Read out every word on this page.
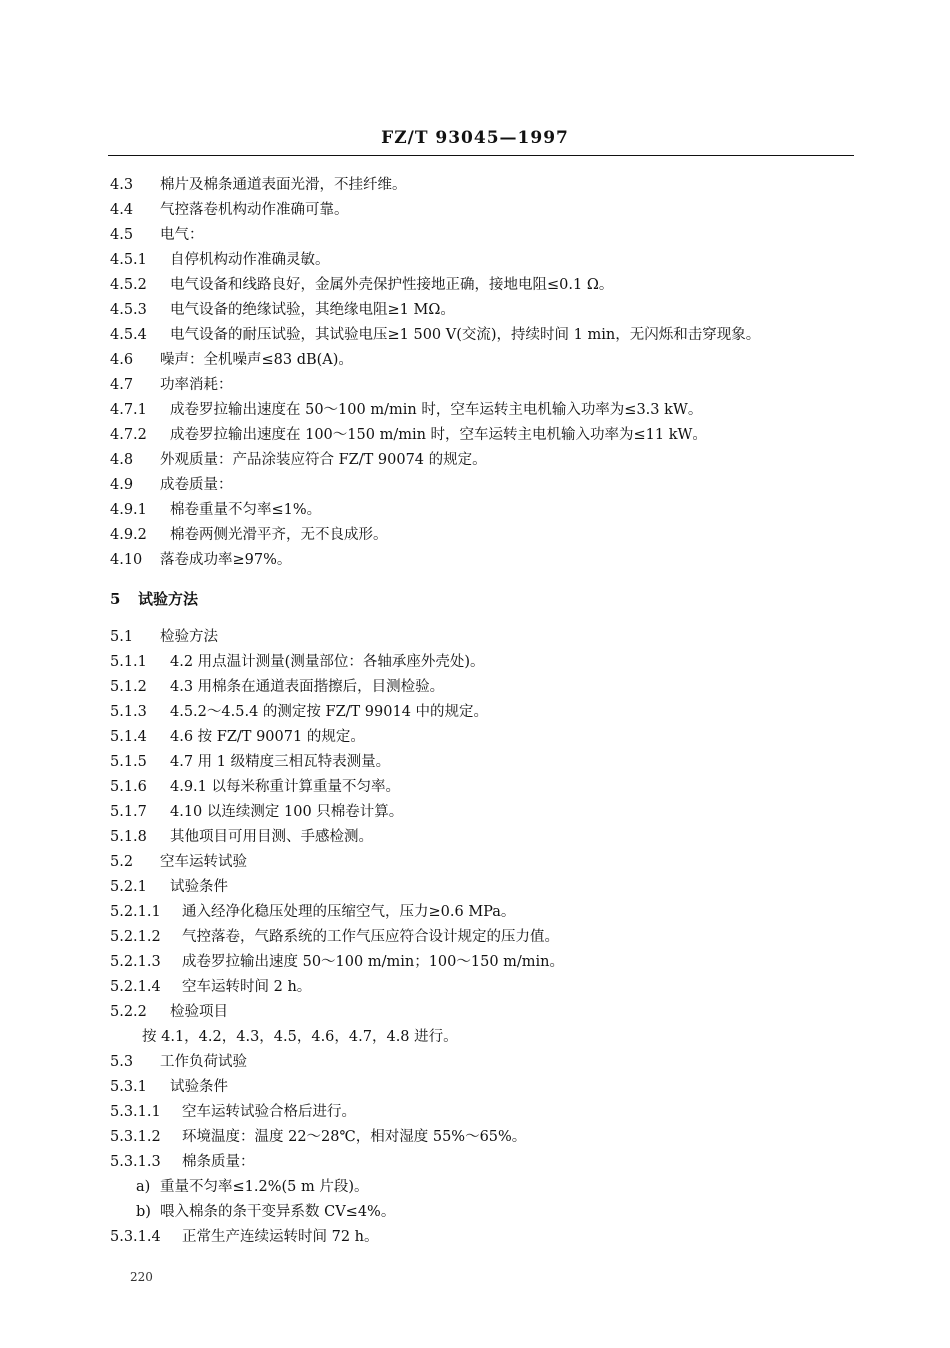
FZ/T 93045—1997
4.3 棉片及棉条通道表面光滑，不挂纤维。
4.4 气控落卷机构动作准确可靠。
4.5 电气：
4.5.1 自停机构动作准确灵敏。
4.5.2 电气设备和线路良好，金属外壳保护性接地正确，接地电阻≤0.1 Ω。
4.5.3 电气设备的绝缘试验，其绝缘电阻≥1 MΩ。
4.5.4 电气设备的耐压试验，其试验电压≥1 500 V(交流)，持续时间 1 min，无闪烁和击穿现象。
4.6 噪声：全机噪声≤83 dB(A)。
4.7 功率消耗：
4.7.1 成卷罗拉输出速度在 50～100 m/min 时，空车运转主电机输入功率为≤3.3 kW。
4.7.2 成卷罗拉输出速度在 100～150 m/min 时，空车运转主电机输入功率为≤11 kW。
4.8 外观质量：产品涂装应符合 FZ/T 90074 的规定。
4.9 成卷质量：
4.9.1 棉卷重量不匀率≤1%。
4.9.2 棉卷两侧光滑平齐，无不良成形。
4.10 落卷成功率≥97%。
5 试验方法
5.1 检验方法
5.1.1 4.2 用点温计测量(测量部位：各轴承座外壳处)。
5.1.2 4.3 用棉条在通道表面揩擦后，目测检验。
5.1.3 4.5.2～4.5.4 的测定按 FZ/T 99014 中的规定。
5.1.4 4.6 按 FZ/T 90071 的规定。
5.1.5 4.7 用 1 级精度三相瓦特表测量。
5.1.6 4.9.1 以每米称重计算重量不匀率。
5.1.7 4.10 以连续测定 100 只棉卷计算。
5.1.8 其他项目可用目测、手感检测。
5.2 空车运转试验
5.2.1 试验条件
5.2.1.1 通入经净化稳压处理的压缩空气，压力≥0.6 MPa。
5.2.1.2 气控落卷，气路系统的工作气压应符合设计规定的压力值。
5.2.1.3 成卷罗拉输出速度 50～100 m/min；100～150 m/min。
5.2.1.4 空车运转时间 2 h。
5.2.2 检验项目
按 4.1，4.2，4.3，4.5，4.6，4.7，4.8 进行。
5.3 工作负荷试验
5.3.1 试验条件
5.3.1.1 空车运转试验合格后进行。
5.3.1.2 环境温度：温度 22～28℃，相对湿度 55%～65%。
5.3.1.3 棉条质量：
a) 重量不匀率≤1.2%(5 m 片段)。
b) 喂入棉条的条干变异系数 CV≤4%。
5.3.1.4 正常生产连续运转时间 72 h。
220
